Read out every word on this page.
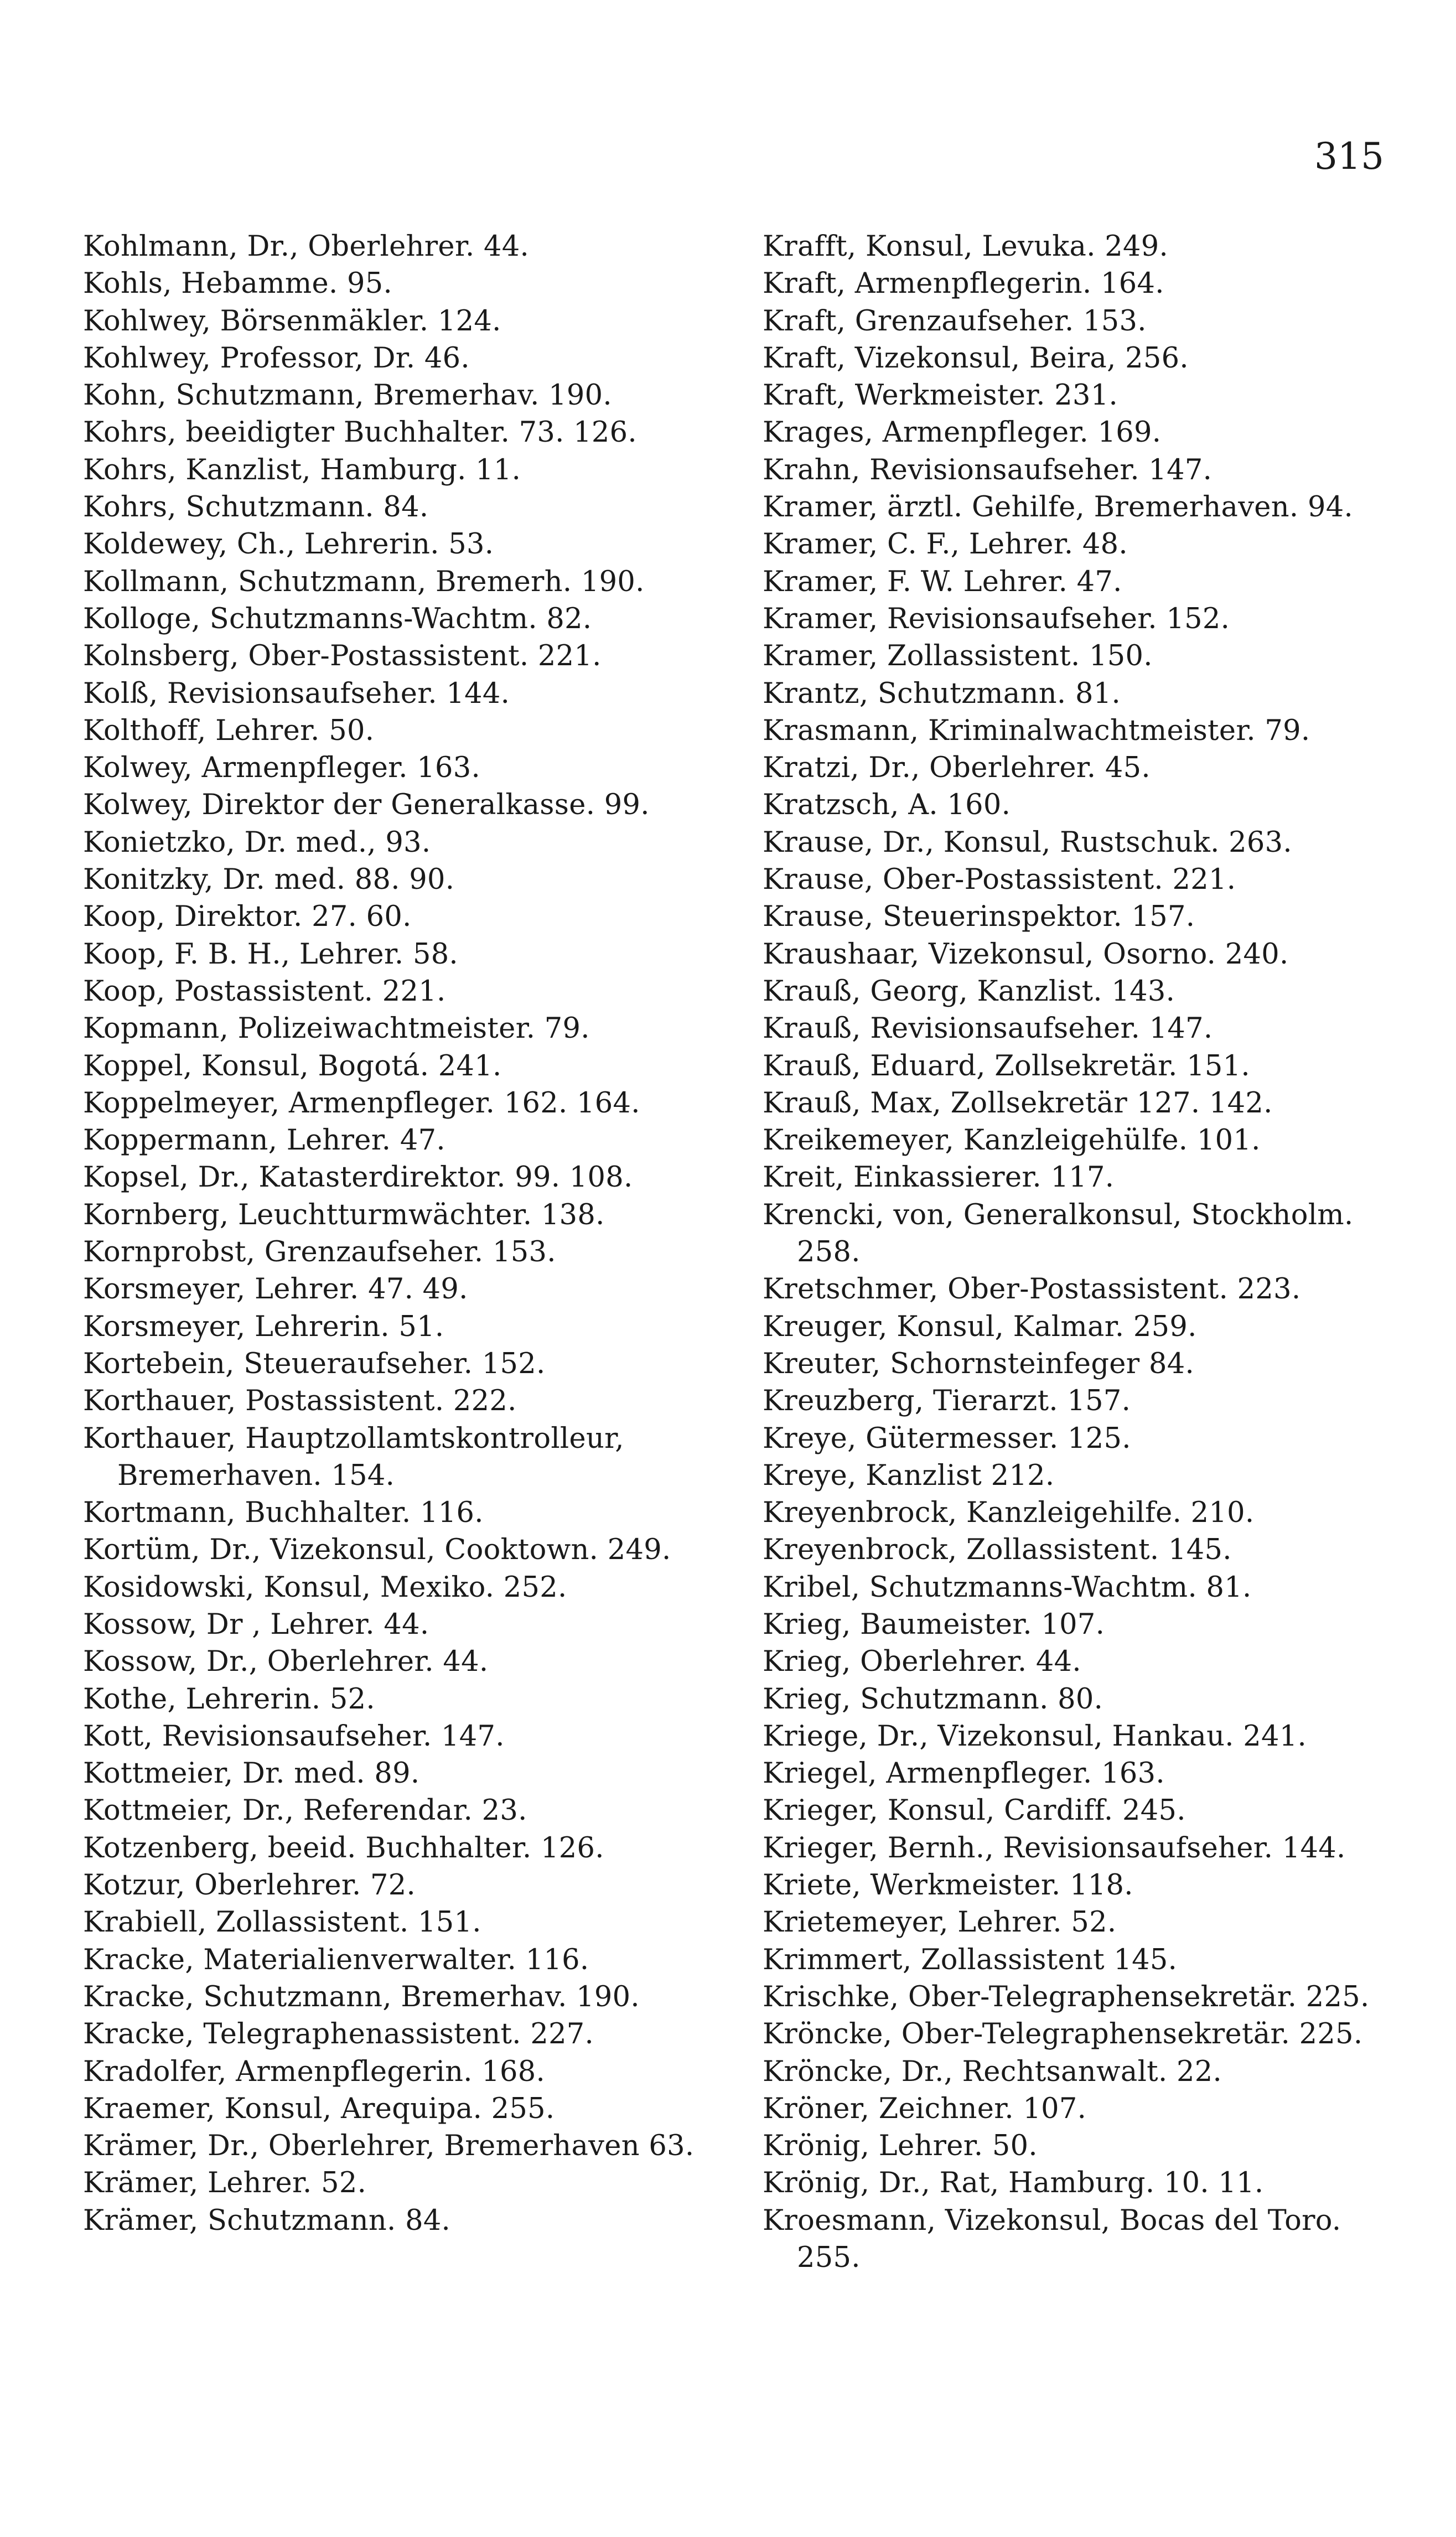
315
Kohlmann, Dr., Oberlehrer. 44.
Kohls, Hebamme. 95.
Kohlwey, Börsenmäkler. 124.
Kohlwey, Professor, Dr. 46.
Kohn, Schutzmann, Bremerhav. 190.
Kohrs, beeidigter Buchhalter. 73. 126.
Kohrs, Kanzlist, Hamburg. 11.
Kohrs, Schutzmann. 84.
Koldewey, Ch., Lehrerin. 53.
Kollmann, Schutzmann, Bremerh. 190.
Kolloge, Schutzmanns-Wachtm. 82.
Kolnsberg, Ober-Postassistent. 221.
Kolß, Revisionsaufseher. 144.
Kolthoff, Lehrer. 50.
Kolwey, Armenpfleger. 163.
Kolwey, Direktor der Generalkasse. 99.
Konietzko, Dr. med., 93.
Konitzky, Dr. med. 88. 90.
Koop, Direktor. 27. 60.
Koop, F. B. H., Lehrer. 58.
Koop, Postassistent. 221.
Kopmann, Polizeiwachtmeister. 79.
Koppel, Konsul, Bogotá. 241.
Koppelmeyer, Armenpfleger. 162. 164.
Koppermann, Lehrer. 47.
Kopsel, Dr., Katasterdirektor. 99. 108.
Kornberg, Leuchtturmwächter. 138.
Kornprobst, Grenzaufseher. 153.
Korsmeyer, Lehrer. 47. 49.
Korsmeyer, Lehrerin. 51.
Kortebein, Steueraufseher. 152.
Korthauer, Postassistent. 222.
Korthauer, Hauptzollamtskontrolleur, Bremerhaven. 154.
Kortmann, Buchhalter. 116.
Kortüm, Dr., Vizekonsul, Cooktown. 249.
Kosidowski, Konsul, Mexiko. 252.
Kossow, Dr , Lehrer. 44.
Kossow, Dr., Oberlehrer. 44.
Kothe, Lehrerin. 52.
Kott, Revisionsaufseher. 147.
Kottmeier, Dr. med. 89.
Kottmeier, Dr., Referendar. 23.
Kotzenberg, beeid. Buchhalter. 126.
Kotzur, Oberlehrer. 72.
Krabiell, Zollassistent. 151.
Kracke, Materialienverwalter. 116.
Kracke, Schutzmann, Bremerhav. 190.
Kracke, Telegraphenassistent. 227.
Kradolfer, Armenpflegerin. 168.
Kraemer, Konsul, Arequipa. 255.
Krämer, Dr., Oberlehrer, Bremerhaven 63.
Krämer, Lehrer. 52.
Krämer, Schutzmann. 84.
Krafft, Konsul, Levuka. 249.
Kraft, Armenpflegerin. 164.
Kraft, Grenzaufseher. 153.
Kraft, Vizekonsul, Beira, 256.
Kraft, Werkmeister. 231.
Krages, Armenpfleger. 169.
Krahn, Revisionsaufseher. 147.
Kramer, ärztl. Gehilfe, Bremerhaven. 94.
Kramer, C. F., Lehrer. 48.
Kramer, F. W. Lehrer. 47.
Kramer, Revisionsaufseher. 152.
Kramer, Zollassistent. 150.
Krantz, Schutzmann. 81.
Krasmann, Kriminalwachtmeister. 79.
Kratzi, Dr., Oberlehrer. 45.
Kratzsch, A. 160.
Krause, Dr., Konsul, Rustschuk. 263.
Krause, Ober-Postassistent. 221.
Krause, Steuerinspektor. 157.
Kraushaar, Vizekonsul, Osorno. 240.
Krauß, Georg, Kanzlist. 143.
Krauß, Revisionsaufseher. 147.
Krauß, Eduard, Zollsekretär. 151.
Krauß, Max, Zollsekretär 127. 142.
Kreikemeyer, Kanzleigehülfe. 101.
Kreit, Einkassierer. 117.
Krencki, von, Generalkonsul, Stockholm. 258.
Kretschmer, Ober-Postassistent. 223.
Kreuger, Konsul, Kalmar. 259.
Kreuter, Schornsteinfeger 84.
Kreuzberg, Tierarzt. 157.
Kreye, Gütermesser. 125.
Kreye, Kanzlist 212.
Kreyenbrock, Kanzleigehilfe. 210.
Kreyenbrock, Zollassistent. 145.
Kribel, Schutzmanns-Wachtm. 81.
Krieg, Baumeister. 107.
Krieg, Oberlehrer. 44.
Krieg, Schutzmann. 80.
Kriege, Dr., Vizekonsul, Hankau. 241.
Kriegel, Armenpfleger. 163.
Krieger, Konsul, Cardiff. 245.
Krieger, Bernh., Revisionsaufseher. 144.
Kriete, Werkmeister. 118.
Krietemeyer, Lehrer. 52.
Krimmert, Zollassistent 145.
Krischke, Ober-Telegraphensekretär. 225.
Kröncke, Ober-Telegraphensekretär. 225.
Kröncke, Dr., Rechtsanwalt. 22.
Kröner, Zeichner. 107.
Krönig, Lehrer. 50.
Krönig, Dr., Rat, Hamburg. 10. 11.
Kroesmann, Vizekonsul, Bocas del Toro. 255.
